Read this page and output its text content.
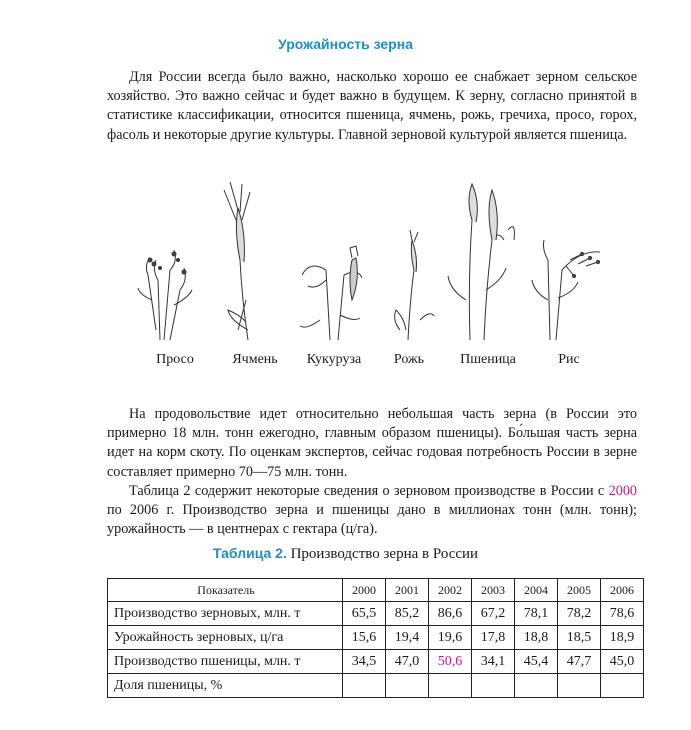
Урожайность зерна

Для России всегда было важно, насколько хорошо ее снабжает зерном сельское хозяйство. Это важно сейчас и будет важно в будущем. К зерну, согласно принятой в статистике классификации, относится пшеница, ячмень, рожь, гречиха, просо, горох, фасоль и некоторые другие культуры. Главной зерновой культурой является пшеница.

Просо	Ячмень	Кукуруза	Рожь	Пшеница	Рис

На продовольствие идет относительно небольшая часть зерна (в России это примерно 18 млн. тонн ежегодно, главным образом пшеницы). Бо́льшая часть зерна идет на корм скоту. По оценкам экспертов, сейчас годовая потребность России в зерне составляет примерно 70—75 млн. тонн.

Таблица 2 содержит некоторые сведения о зерновом производстве в России с 2000 по 2006 г. Производство зерна и пшеницы дано в миллионах тонн (млн. тонн); урожайность — в центнерах с гектара (ц/га).

Таблица 2. Производство зерна в России
Показатель	2000	2001	2002	2003	2004	2005	2006
Производство зерновых, млн. т	65,5	85,2	86,6	67,2	78,1	78,2	78,6
Урожайность зерновых, ц/га	15,6	19,4	19,6	17,8	18,8	18,5	18,9
Производство пшеницы, млн. т	34,5	47,0	50,6	34,1	45,4	47,7	45,0
Доля пшеницы, %							
